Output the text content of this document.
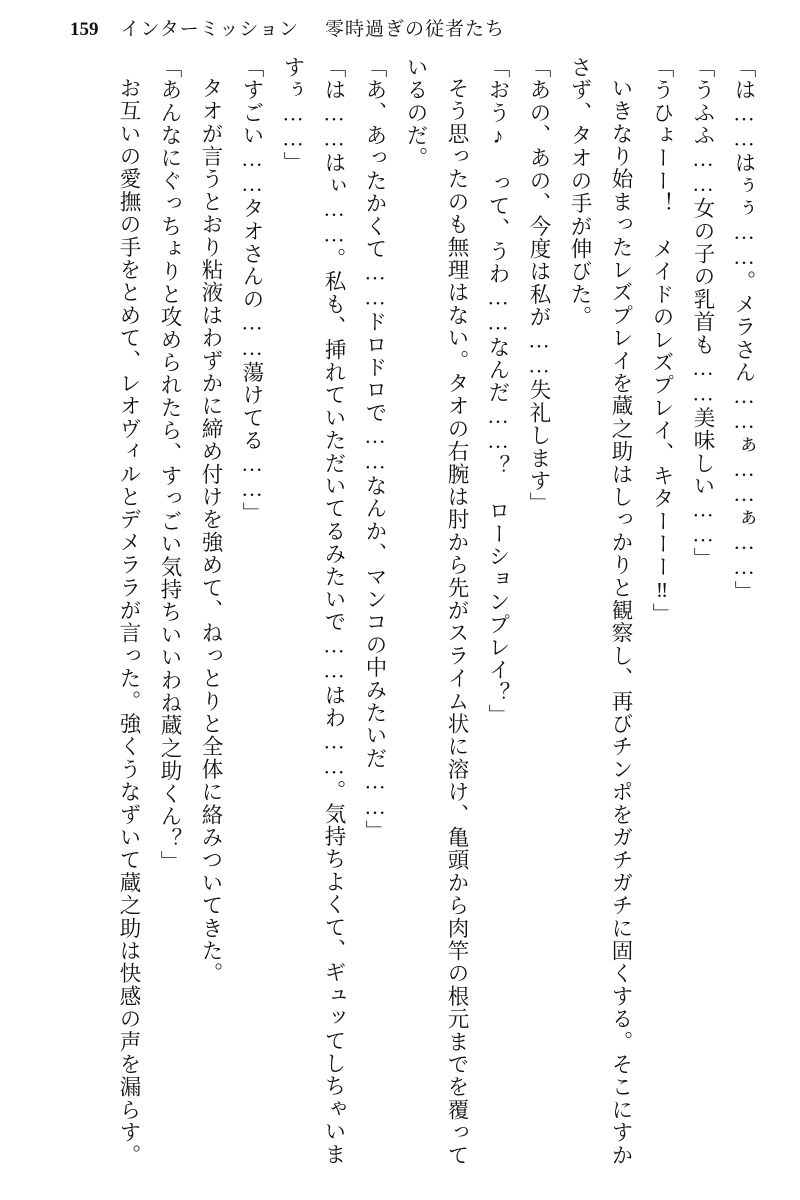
159 インターミッション 零時過ぎの従者たち

「は……はぅぅ……。メラさん……ぁ……ぁ……」

「うふふ……女の子の乳首も……美味しい……」

「うひょーー！　メイドのレズプレイ、キターーー‼」

いきなり始まったレズプレイを蔵之助はしっかりと観察し、再びチンポをガチガチに固くする。そこにすかさず、タオの手が伸びた。

「あの、あの、今度は私が……失礼します」

「おう♪　って、うわ……なんだ……？　ローションプレイ？」

そう思ったのも無理はない。タオの右腕は肘から先がスライム状に溶け、亀頭から肉竿の根元までを覆っているのだ。

「あ、あったかくて……ドロドロで……なんか、マンコの中みたいだ……」

「は……はぃ……。私も、挿れていただいてるみたいで……はわ……。気持ちよくて、ギュッてしちゃいますぅ……」

「すごい……タオさんの……蕩けてる……」

タオが言うとおり粘液はわずかに締め付けを強めて、ねっとりと全体に絡みついてきた。

「あんなにぐっちょりと攻められたら、すっごい気持ちいいわね蔵之助くん？」

お互いの愛撫の手をとめて、レオヴィルとデメララが言った。強くうなずいて蔵之助は快感の声を漏らす。
